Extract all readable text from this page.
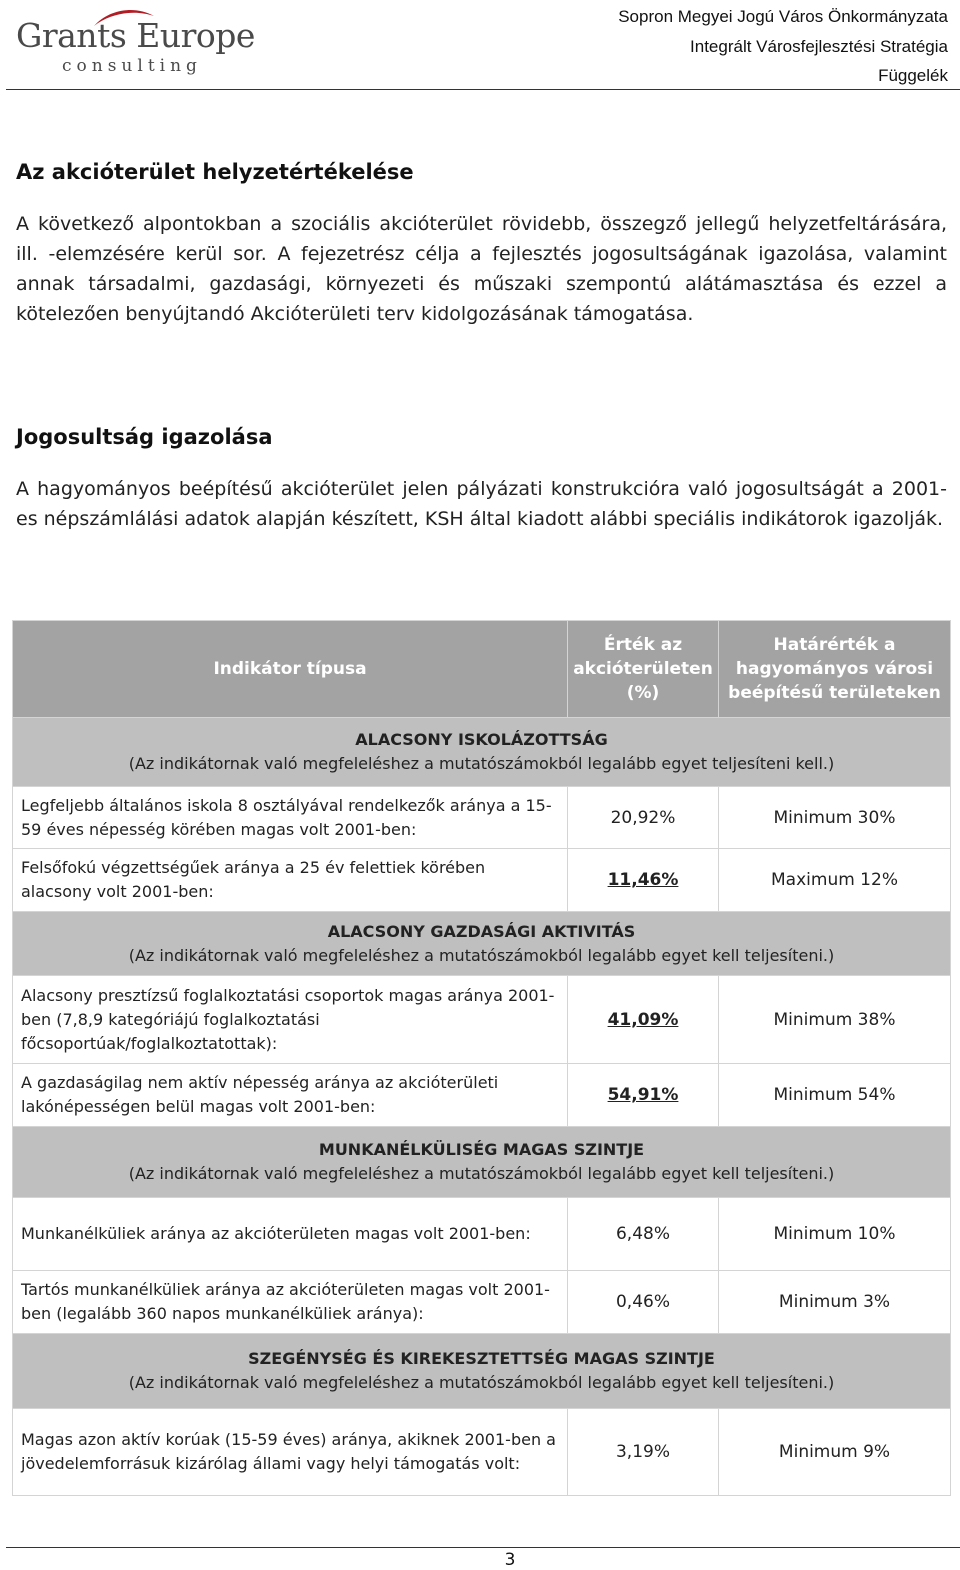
Grants Europe
consulting
Sopron Megyei Jogú Város Önkormányzata
Integrált Városfejlesztési Stratégia
Függelék
Az akcióterület helyzetértékelése

A következő alpontokban a szociális akcióterület rövidebb, összegző jellegű helyzetfeltárására, ill. -elemzésére kerül sor. A fejezetrész célja a fejlesztés jogosultságának igazolása, valamint annak társadalmi, gazdasági, környezeti és műszaki szempontú alátámasztása és ezzel a kötelezően benyújtandó Akcióterületi terv kidolgozásának támogatása.

Jogosultság igazolása

A hagyományos beépítésű akcióterület jelen pályázati konstrukcióra való jogosultságát a 2001-es népszámlálási adatok alapján készített, KSH által kiadott alábbi speciális indikátorok igazolják.

Indikátor típusa	Érték az akcióterületen (%)	Határérték a hagyományos városi beépítésű területeken

ALACSONY ISKOLÁZOTTSÁG
(Az indikátornak való megfeleléshez a mutatószámokból legalább egyet teljesíteni kell.)		

Legfeljebb általános iskola 8 osztályával rendelkezők aránya a 15-59 éves népesség körében magas volt 2001-ben:	20,92%	Minimum 30%
Felsőfokú végzettségűek aránya a 25 év felettiek körében alacsony volt 2001-ben:	11,46%	Maximum 12%

ALACSONY GAZDASÁGI AKTIVITÁS
(Az indikátornak való megfeleléshez a mutatószámokból legalább egyet kell teljesíteni.)		

Alacsony presztízsű foglalkoztatási csoportok magas aránya 2001-ben (7,8,9 kategóriájú foglalkoztatási főcsoportúak/foglalkoztatottak):	41,09%	Minimum 38%
A gazdaságilag nem aktív népesség aránya az akcióterületi lakónépességen belül magas volt 2001-ben:	54,91%	Minimum 54%

MUNKANÉLKÜLISÉG MAGAS SZINTJE
(Az indikátornak való megfeleléshez a mutatószámokból legalább egyet kell teljesíteni.)		

Munkanélküliek aránya az akcióterületen magas volt 2001-ben:	6,48%	Minimum 10%
Tartós munkanélküliek aránya az akcióterületen magas volt 2001-ben (legalább 360 napos munkanélküliek aránya):	0,46%	Minimum 3%

SZEGÉNYSÉG ÉS KIREKESZTETTSÉG MAGAS SZINTJE
(Az indikátornak való megfeleléshez a mutatószámokból legalább egyet kell teljesíteni.)		

Magas azon aktív korúak (15-59 éves) aránya, akiknek 2001-ben a jövedelemforrásuk kizárólag állami vagy helyi támogatás volt:	3,19%	Minimum 9%
3
